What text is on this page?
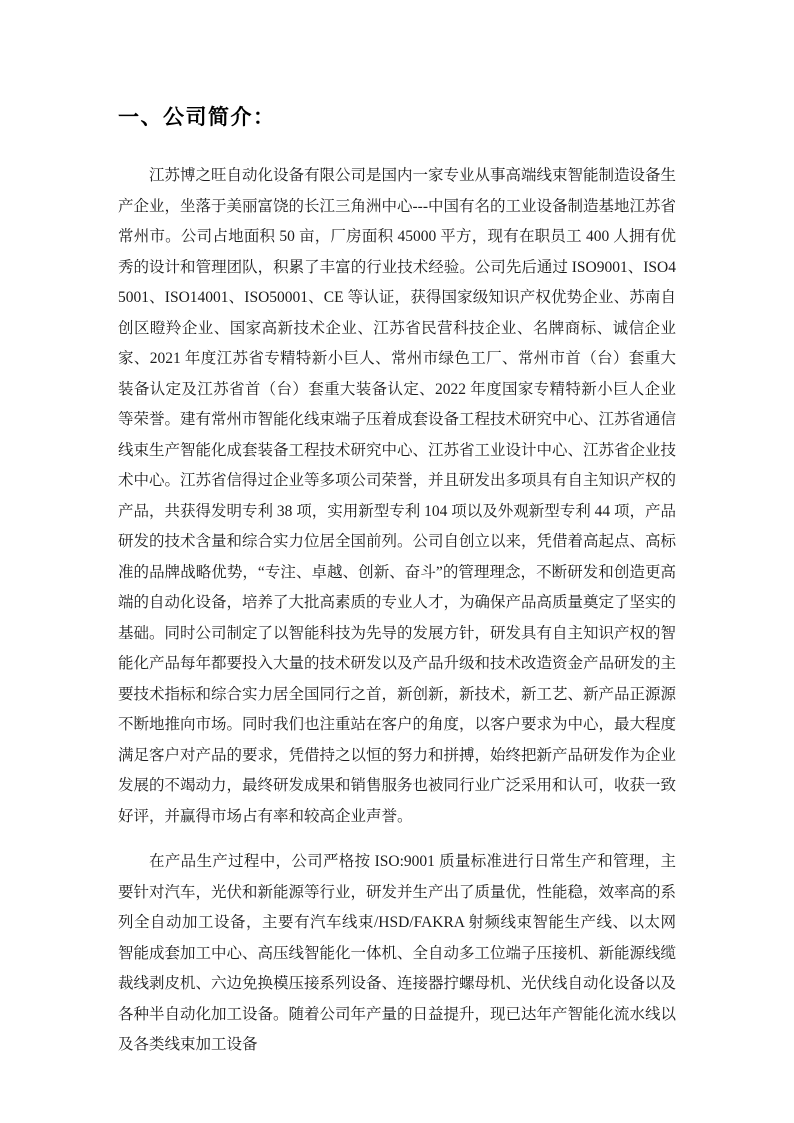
一、公司简介：

江苏博之旺自动化设备有限公司是国内一家专业从事高端线束智能制造设备生产企业，坐落于美丽富饶的长江三角洲中心---中国有名的工业设备制造基地江苏省常州市。公司占地面积 50 亩，厂房面积 45000 平方，现有在职员工 400 人拥有优秀的设计和管理团队，积累了丰富的行业技术经验。公司先后通过 ISO9001、ISO45001、ISO14001、ISO50001、CE 等认证，获得国家级知识产权优势企业、苏南自创区瞪羚企业、国家高新技术企业、江苏省民营科技企业、名牌商标、诚信企业家、2021 年度江苏省专精特新小巨人、常州市绿色工厂、常州市首（台）套重大装备认定及江苏省首（台）套重大装备认定、2022 年度国家专精特新小巨人企业等荣誉。建有常州市智能化线束端子压着成套设备工程技术研究中心、江苏省通信线束生产智能化成套装备工程技术研究中心、江苏省工业设计中心、江苏省企业技术中心。江苏省信得过企业等多项公司荣誉，并且研发出多项具有自主知识产权的产品，共获得发明专利 38 项，实用新型专利 104 项以及外观新型专利 44 项，产品研发的技术含量和综合实力位居全国前列。公司自创立以来，凭借着高起点、高标准的品牌战略优势，“专注、卓越、创新、奋斗”的管理理念，不断研发和创造更高端的自动化设备，培养了大批高素质的专业人才，为确保产品高质量奠定了坚实的基础。同时公司制定了以智能科技为先导的发展方针，研发具有自主知识产权的智能化产品每年都要投入大量的技术研发以及产品升级和技术改造资金产品研发的主要技术指标和综合实力居全国同行之首，新创新，新技术，新工艺、新产品正源源不断地推向市场。同时我们也注重站在客户的角度，以客户要求为中心，最大程度满足客户对产品的要求，凭借持之以恒的努力和拼搏，始终把新产品研发作为企业发展的不竭动力，最终研发成果和销售服务也被同行业广泛采用和认可，收获一致好评，并赢得市场占有率和较高企业声誉。

在产品生产过程中，公司严格按 ISO:9001 质量标准进行日常生产和管理，主要针对汽车，光伏和新能源等行业，研发并生产出了质量优，性能稳，效率高的系列全自动加工设备，主要有汽车线束/HSD/FAKRA 射频线束智能生产线、以太网智能成套加工中心、高压线智能化一体机、全自动多工位端子压接机、新能源线缆裁线剥皮机、六边免换模压接系列设备、连接器拧螺母机、光伏线自动化设备以及各种半自动化加工设备。随着公司年产量的日益提升，现已达年产智能化流水线以及各类线束加工设备
